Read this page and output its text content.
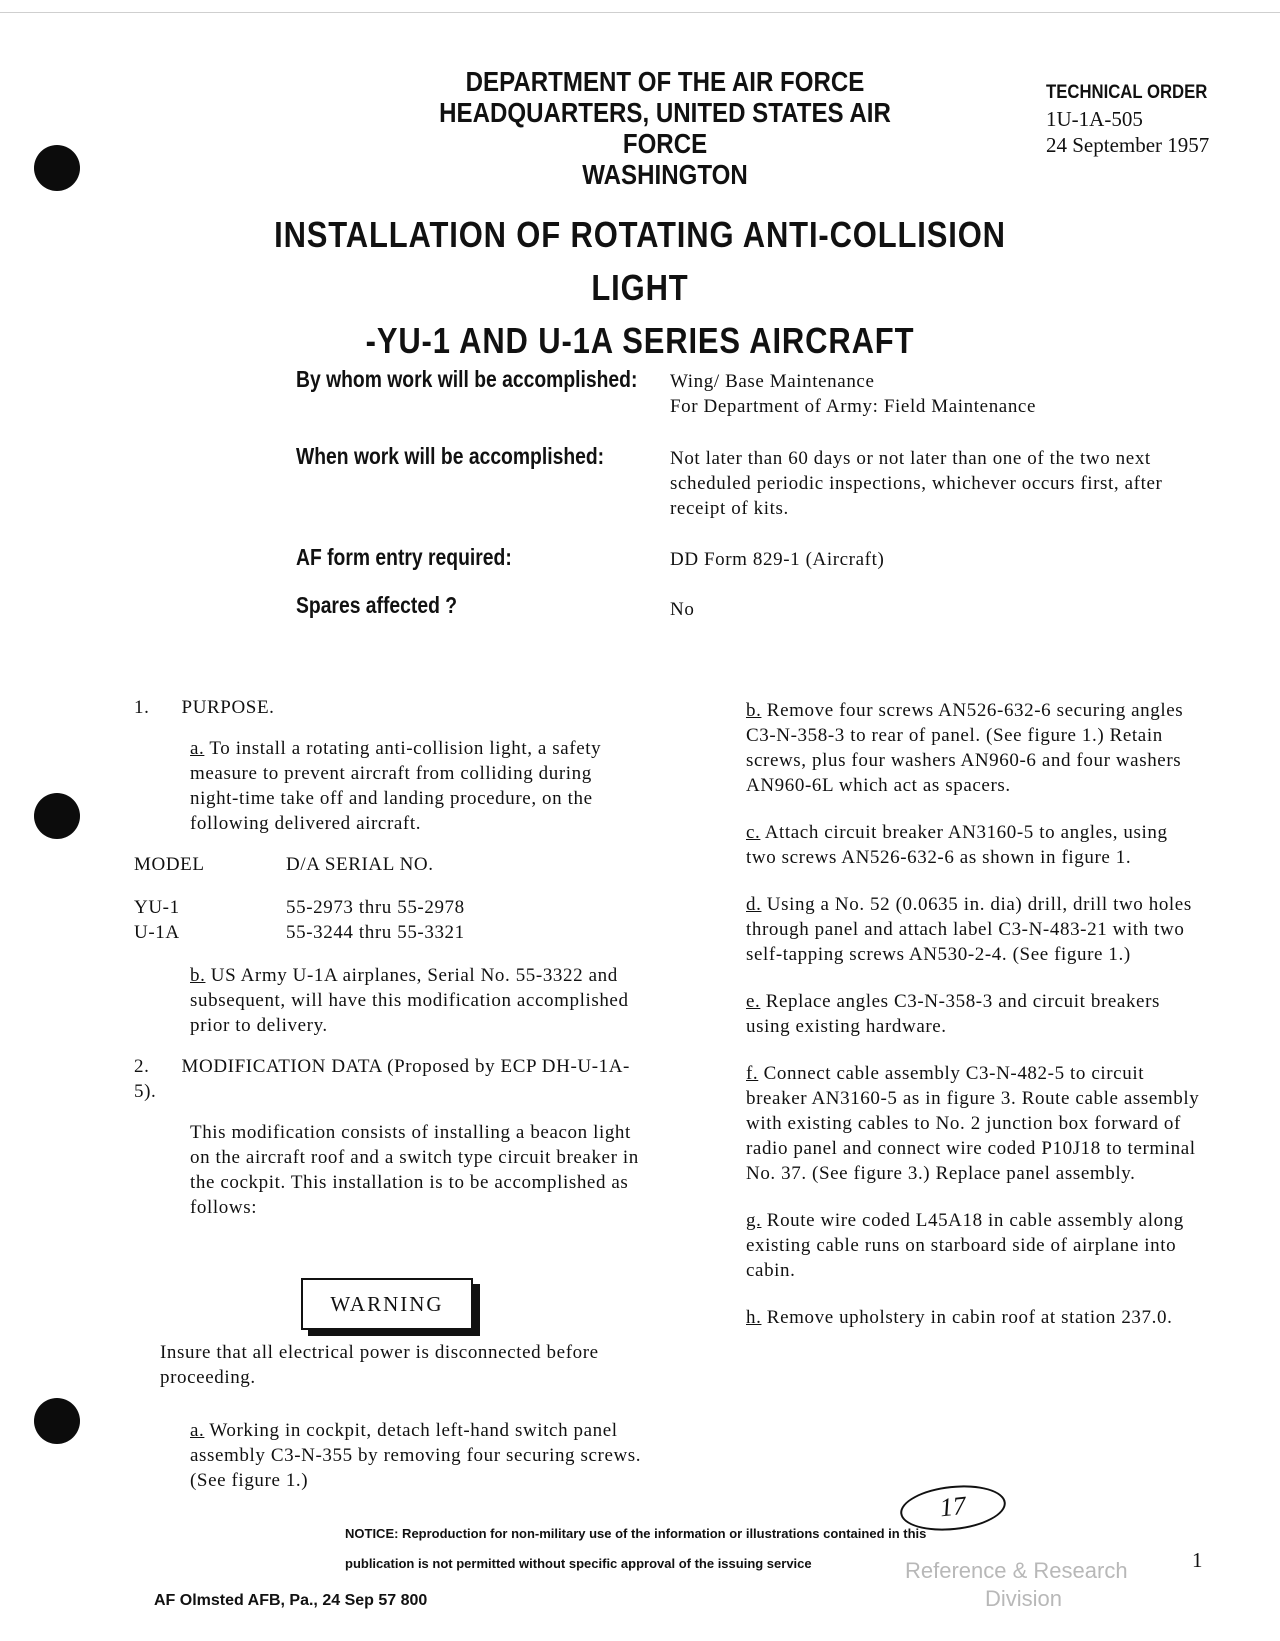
DEPARTMENT OF THE AIR FORCE
HEADQUARTERS, UNITED STATES AIR FORCE
WASHINGTON
TECHNICAL ORDER
1U-1A-505
24 September 1957
INSTALLATION OF ROTATING ANTI-COLLISION LIGHT
-YU-1 AND U-1A SERIES AIRCRAFT
By whom work will be accomplished: Wing/ Base Maintenance
For Department of Army: Field Maintenance
When work will be accomplished:	Not later than 60 days or not later than one of the two next scheduled periodic inspections, whichever occurs first, after receipt of kits.
AF form entry required:	DD Form 829-1 (Aircraft)
Spares affected ?	No

1.      PURPOSE.

a. To install a rotating anti-collision light, a safety measure to prevent aircraft from colliding during night-time take off and landing procedure, on the following delivered aircraft.

MODEL	D/A SERIAL NO.
YU-1	55-2973 thru 55-2978
U-1A	55-3244 thru 55-3321

b. US Army U-1A airplanes, Serial No. 55-3322 and subsequent, will have this modification accomplished prior to delivery.

2.      MODIFICATION DATA (Proposed by ECP DH-U-1A-5).

This modification consists of installing a beacon light on the aircraft roof and a switch type circuit breaker in the cockpit. This installation is to be accomplished as follows:

WARNING
Insure that all electrical power is disconnected before proceeding.

a. Working in cockpit, detach left-hand switch panel assembly C3-N-355 by removing four securing screws. (See figure 1.)

b. Remove four screws AN526-632-6 securing angles C3-N-358-3 to rear of panel. (See figure 1.) Retain screws, plus four washers AN960-6 and four washers AN960-6L which act as spacers.

c. Attach circuit breaker AN3160-5 to angles, using two screws AN526-632-6 as shown in figure 1.

d. Using a No. 52 (0.0635 in. dia) drill, drill two holes through panel and attach label C3-N-483-21 with two self-tapping screws AN530-2-4. (See figure 1.)

e. Replace angles C3-N-358-3 and circuit breakers using existing hardware.

f. Connect cable assembly C3-N-482-5 to circuit breaker AN3160-5 as in figure 3. Route cable assembly with existing cables to No. 2 junction box forward of radio panel and connect wire coded P10J18 to terminal No. 37. (See figure 3.) Replace panel assembly.

g. Route wire coded L45A18 in cable assembly along existing cable runs on starboard side of airplane into cabin.

h. Remove upholstery in cabin roof at station 237.0.

17
NOTICE: Reproduction for non-military use of the information or illustrations contained in this
publication is not permitted without specific approval of the issuing service	Reference & Research
Division
1
AF Olmsted AFB, Pa., 24 Sep 57 800
